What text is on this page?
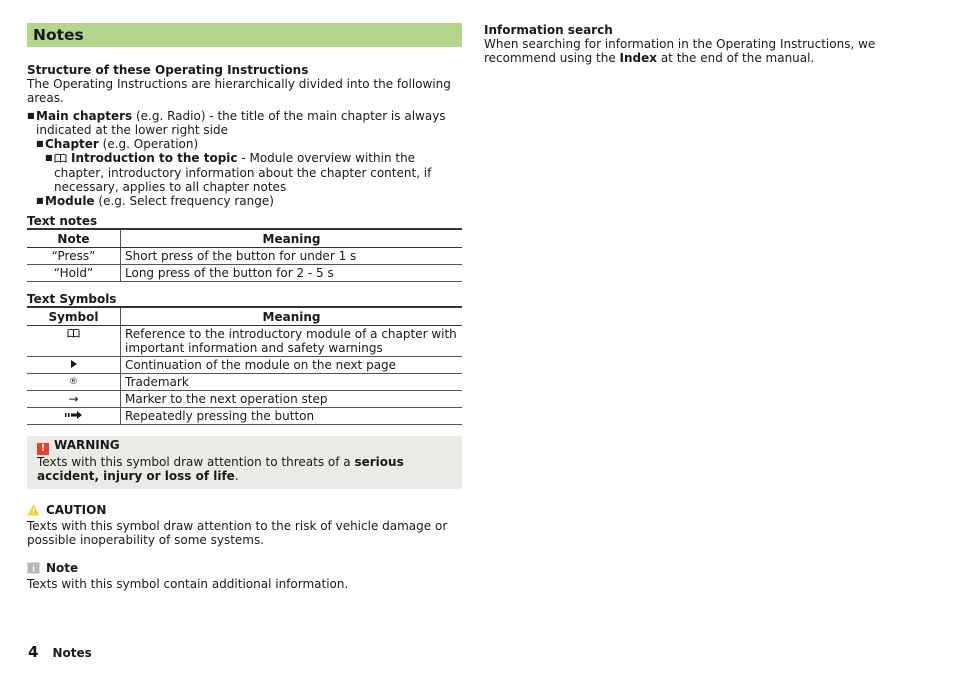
Notes
Structure of these Operating Instructions
The Operating Instructions are hierarchically divided into the following areas.
■ Main chapters (e.g. Radio) - the title of the main chapter is always indicated at the lower right side
■ Chapter (e.g. Operation)
■ Introduction to the topic - Module overview within the chapter, introductory information about the chapter content, if necessary, applies to all chapter notes
■ Module (e.g. Select frequency range)
Text notes
Note	Meaning
“Press”	Short press of the button for under 1 s
“Hold”	Long press of the button for 2 - 5 s
Text Symbols
Symbol	Meaning
	Reference to the introductory module of a chapter with important information and safety warnings
	Continuation of the module on the next page
®	Trademark
→	Marker to the next operation step
	Repeatedly pressing the button
! WARNING
Texts with this symbol draw attention to threats of a serious accident, injury or loss of life.
CAUTION
Texts with this symbol draw attention to the risk of vehicle damage or possible inoperability of some systems.
Note
Texts with this symbol contain additional information.
Information search
When searching for information in the Operating Instructions, we recommend using the Index at the end of the manual.
4 Notes
